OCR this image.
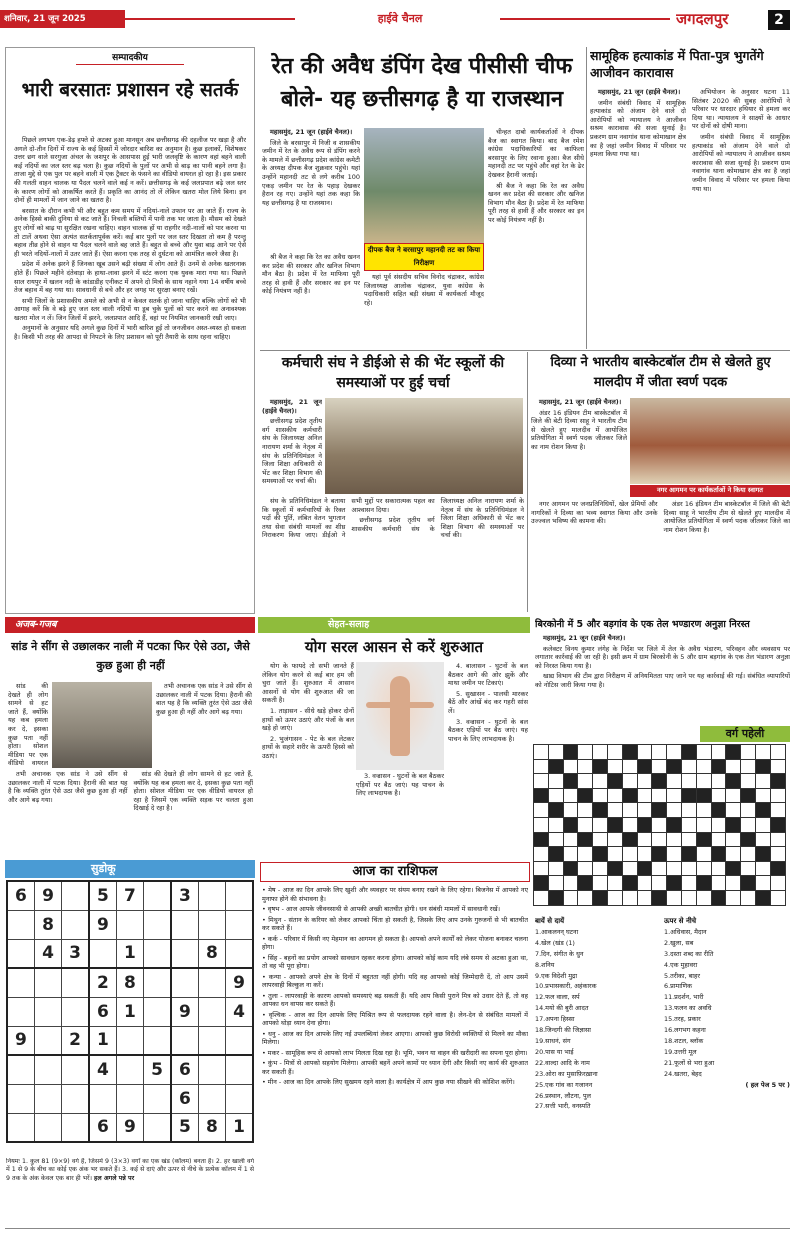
शनिवार, 21 जून 2025	हाईवे चैनल	जगदलपुर	2
सम्पादकीय
भारी बरसातः प्रशासन रहे सतर्क

पिछले लगभग एक-डेढ़ हफ्ते से अटका हुआ मानसून अब छत्तीसगढ़ की दहलीज पर खड़ा है और अगले दो-तीन दिनों में राज्य के कई हिस्सों में जोरदार बारिश का अनुमान है। कुछ इलाकों, विशेषकर उत्तर छग वाले सरगुजा अंचल के जशपुर के आसपास हुई भारी जलवृष्टि के कारण वहां बहने वाली कई नदियों का जल स्तर बढ़ चला है। कुछ नदियों के पुलों पर अभी से बाढ़ का पानी बहने लगा है। ताजा मुद्दे से एक पुल पर बहने वाली में एक ट्रैक्टर के फंसने का वीडियो वायरल हो रहा है। इस प्रकार की गलती वाहन चालक या पैदल चलने वाले कई न करें। छत्तीसगढ़ के कई जलप्रपात बढ़े जल स्तर के कारण लोगों को आकर्षित करते हैं। प्रकृति का आनंद तो लें लेकिन खतरा मोल लिये बिना। इन दोनों ही मामलों में जान जाने का खतरा है।

बरसात के दौरान कभी भी और बहुत कम समय में नदियां-नाले उफान पर आ जाते हैं। राज्य के अनेक हिस्से बाकी दुनिया से कट जाते हैं। निचली बस्तियों में पानी तक भर जाता है। मौसम को देखते हुए लोगों को बाढ़ या सुरक्षित रखना चाहिए। वाहन चालक हों या राहगीर नदी-नालों को पार करना या तो टालें अथवा ऐसा अत्यंत सतर्कतापूर्वक करें। कई बार पुलों पर जल स्तर दिखता तो कम है परन्तु बहाव तीव्र होने से वाहन या पैदल चलने वाले बह जाते हैं। बहुत से बच्चे और युवा बाढ़ आने पर ऐसे ही भरते नदियों-नालों में उतर जाते हैं। ऐसा करना एक तरह से दुर्घटना को आमंत्रित करने जैसा है।

प्रदेश में अनेक झरने हैं जिनका खूब उसने बढ़ी संख्या में लोग आते हैं। उनमें से अनेक खतरनाक होते हैं। पिछले महीने दंतेवाड़ा के हाथा-लावा झरने में स्टंट करना एक युवक मारा गया था। पिछले साल रायपुर में खलन नदी के कांडाडीह एनीकट में अपने दो मित्रों के साथ नहाने गया 14 वर्षीय बच्चे तेज बहाव में बह गया था। सावधानी से बचे और हर जगह पर सुरक्षा बनाए रखें।

सभी जिलों के प्रशासकीय अमले को अभी से न केवल सतर्क हो जाना चाहिए बल्कि लोगों को भी आगाह करें कि वे बढ़े हुए जल स्तर वाली नदियों या डूब चुके पुलों को पार करने का अनावश्यक खतरा मोल न लें। जिन जिलों में झरने, जलप्रपात आदि हैं, वहां पर नियमित जानकारी रखी जाए।

अनुमानों के अनुसार यदि अगले कुछ दिनों में भारी बारिश हुई तो जनजीवन अस्त-व्यस्त हो सकता है। किसी भी तरह की आपदा से निपटने के लिए प्रशासन को पूरी तैयारी के साथ रहना चाहिए।

रेत की अवैध डंपिंग देख पीसीसी चीफ बोले- यह छत्तीसगढ़ है या राजस्थान

महासमुंद, 21 जून (हाईवे चैनल)।

जिले के बरसापुर में निजी व शासकीय जमीन में रेत के अवैध रूप से डंपिंग करने के मामले में छत्तीसगढ़ प्रदेश कांग्रेस कमेटी के अध्यक्ष दीपक बैज शुक्रवार पहुंचे। यहां उन्होंने महानदी तट से लगे करीब 100 एकड़ जमीन पर रेत के पहाड़ देखकर हैरान रह गए। उन्होंने यहां तक कहा कि यह छत्तीसगढ़ है या राजस्थान।

दीपक बैज ने बरसापुर महानदी तट का किया निरीक्षण

श्री बैज ने कहा कि रेत का अवैध खनन कर प्रदेश की सरकार और खनिज विभाग मौन बैठा है। प्रदेश में रेत माफिया पूरी तरह से हावी हैं और सरकार का इन पर कोई नियंत्रण नहीं है।

यहां पूर्व संसदीय सचिव विनोद चंद्राकर, कांग्रेस जिलाध्यक्ष आलोक चंद्राकर, युवा कांग्रेस के पदाधिकारी सहित बड़ी संख्या में कार्यकर्ता मौजूद रहे।

चीन्हत दाबो कार्यकर्ताओं ने दीपक बैज का स्वागत किया। बाद बैज रमेश कांग्रेस पदाधिकारियों का काफिला बरसापुर के लिए रवाना हुआ। बैज सीधे महानदी तट पर पहुंचे और वहां रेत के ढेर देखकर हैरानी जताई।

श्री बैज ने कहा कि रेत का अवैध खनन कर प्रदेश की सरकार और खनिज विभाग मौन बैठा है। प्रदेश में रेत माफिया पूरी तरह से हावी हैं और सरकार का इन पर कोई नियंत्रण नहीं है।

सामूहिक हत्याकांड में पिता-पुत्र भुगतेंगे आजीवन कारावास

महासमुंद, 21 जून (हाईवे चैनल)।

जमीन संबंधी विवाद में सामूहिक हत्याकांड को अंजाम देने वाले दो आरोपियों को न्यायालय ने आजीवन सश्रम कारावास की सजा सुनाई है। प्रकरण ग्राम नवागांव थाना कोमाखान क्षेत्र का है जहां जमीन विवाद में परिवार पर हमला किया गया था।

अभियोजन के अनुसार घटना 11 सितंबर 2020 की सुबह आरोपियों ने परिवार पर धारदार हथियार से हमला कर दिया था। न्यायालय ने साक्ष्यों के आधार पर दोनों को दोषी माना।

जमीन संबंधी विवाद में सामूहिक हत्याकांड को अंजाम देने वाले दो आरोपियों को न्यायालय ने आजीवन सश्रम कारावास की सजा सुनाई है। प्रकरण ग्राम नवागांव थाना कोमाखान क्षेत्र का है जहां जमीन विवाद में परिवार पर हमला किया गया था।

कर्मचारी संघ ने डीईओ से की भेंट स्कूलों की समस्याओं पर हुई चर्चा

महासमुंद, 21 जून (हाईवे चैनल)।

छत्तीसगढ़ प्रदेश तृतीय वर्ग शासकीय कर्मचारी संघ के जिलाध्यक्ष अनिल नारायण शर्मा के नेतृत्व में संघ के प्रतिनिधिमंडल ने जिला शिक्षा अधिकारी से भेंट कर शिक्षा विभाग की समस्याओं पर चर्चा की।

संघ के प्रतिनिधिमंडल ने बताया कि स्कूलों में कर्मचारियों के रिक्त पदों की पूर्ति, लंबित वेतन भुगतान तथा सेवा संबंधी मामलों का शीघ्र निराकरण किया जाए। डीईओ ने सभी मुद्दों पर सकारात्मक पहल का आश्वासन दिया।

छत्तीसगढ़ प्रदेश तृतीय वर्ग शासकीय कर्मचारी संघ के जिलाध्यक्ष अनिल नारायण शर्मा के नेतृत्व में संघ के प्रतिनिधिमंडल ने जिला शिक्षा अधिकारी से भेंट कर शिक्षा विभाग की समस्याओं पर चर्चा की।

दिव्या ने भारतीय बास्केटबॉल टीम से खेलते हुए मालदीप में जीता स्वर्ण पदक

महासमुंद, 21 जून (हाईवे चैनल)।

अंडर 16 इंडियन टीम बास्केटबॉल में जिले की बेटी दिव्या साहू ने भारतीय टीम से खेलते हुए मालदीव में आयोजित प्रतियोगिता में स्वर्ण पदक जीतकर जिले का नाम रोशन किया है।

नगर आगमन पर कार्यकर्ताओं ने किया स्वागत

नगर आगमन पर जनप्रतिनिधियों, खेल प्रेमियों और नागरिकों ने दिव्या का भव्य स्वागत किया और उनके उज्ज्वल भविष्य की कामना की।

अंडर 16 इंडियन टीम बास्केटबॉल में जिले की बेटी दिव्या साहू ने भारतीय टीम से खेलते हुए मालदीव में आयोजित प्रतियोगिता में स्वर्ण पदक जीतकर जिले का नाम रोशन किया है।

अजब-गजब
सांड ने सींग से उछालकर नाली में पटका फिर ऐसे उठा, जैसे कुछ हुआ ही नहीं

सांड की देखते ही लोग सामने से हट जाते हैं, क्योंकि यह कब हमला कर दे, इसका कुछ पता नहीं होता। सोशल मीडिया पर एक वीडियो वायरल

तभी अचानक एक सांड ने उसे सींग से उछालकर नाली में पटक दिया। हैरानी की बात यह है कि व्यक्ति तुरंत ऐसे उठा जैसे कुछ हुआ ही नहीं और आगे बढ़ गया।

तभी अचानक एक सांड ने उसे सींग से उछालकर नाली में पटक दिया। हैरानी की बात यह है कि व्यक्ति तुरंत ऐसे उठा जैसे कुछ हुआ ही नहीं और आगे बढ़ गया।

सांड की देखते ही लोग सामने से हट जाते हैं, क्योंकि यह कब हमला कर दे, इसका कुछ पता नहीं होता। सोशल मीडिया पर एक वीडियो वायरल हो रहा है जिसमें एक व्यक्ति सड़क पर चलता हुआ दिखाई दे रहा है।

सेहत-सलाह
योग सरल आसन से करें शुरुआत

योग के फायदे तो सभी जानते हैं लेकिन योग करने से कई बार हम जी चुरा जाते हैं। शुरुआत में आसान आसनों से योग की शुरुआत की जा सकती है।

1. ताड़ासन - सीधे खड़े होकर दोनों हाथों को ऊपर उठाएं और पंजों के बल खड़े हो जाएं।

2. भुजंगासन - पेट के बल लेटकर हाथों के सहारे शरीर के ऊपरी हिस्से को उठाएं।

3. वज्रासन - घुटनों के बल बैठकर एड़ियों पर बैठ जाएं। यह पाचन के लिए लाभदायक है।

4. बालासन - घुटनों के बल बैठकर आगे की ओर झुकें और माथा जमीन पर टिकाएं।

5. सुखासन - पालथी मारकर बैठें और आंखें बंद कर गहरी सांस लें।

3. वज्रासन - घुटनों के बल बैठकर एड़ियों पर बैठ जाएं। यह पाचन के लिए लाभदायक है।

बिरकोनी में 5 और बड़गांव के एक तेल भण्डारण अनुज्ञा निरस्त

महासमुंद, 21 जून (हाईवे चैनल)।

कलेक्टर विनय कुमार लंगेह के निर्देश पर जिले में तेल के अवैध भंडारण, परिवहन और व्यवसाय पर लगातार कार्रवाई की जा रही है। इसी क्रम में ग्राम बिरकोनी के 5 और ग्राम बड़गांव के एक तेल भंडारण अनुज्ञा को निरस्त किया गया है।

खाद्य विभाग की टीम द्वारा निरीक्षण में अनियमितता पाए जाने पर यह कार्रवाई की गई। संबंधित व्यापारियों को नोटिस जारी किया गया है।

वर्ग पहेली

बायें से दायें
1.आकलनन् घटना
4.खेल (खंड (1)
7.दिन, संगीत के धुन
8.शनिय
9.एक विदेशी मुद्रा
10.प्रभासकारी, अहंकारक
12.फल वाला, सर्प
14.मयो की बुरी आदत
17.अपना हिस्सा
18.जिन्दगी की जिज्ञासा
19.साधनं, संग
20.पास या भाई
22.वाल्दा आदि के नाम
23.ओरा का मुसाफ़िरख़ाना
25.एक गांव का गजानन
26.प्रस्थान, लौटना, पुल
27.सत्ती भारी, वनस्पति
ऊपर से नीचे
1.अधिवास, मैदान
2.खुला, सब
3.दस्ता शब्द का रीति
4.एक मुहावरा
5.तरीका, बाहर
6.प्रामाणिक
11.प्रदर्शन, भारी
13.फलन का अवधि
15.तरह, प्रकार
16.लगभग कहना
18.शटल, ब्लॉक
19.उत्तरी मूल
21.फूलों से भरा हुआ
24.खतरा, बेहद
( हल पेज 5 पर )
सुडोकू
6	9		5	7		3		
	8		9					
	4	3		1			8	
			2	8				9
			6	1		9		4
9		2	1					
			4		5	6		
						6		
			6	9		5	8	1
नियमः 1. कुल 81 (9×9) वर्ग हैं, जिसमें 9 (3×3) वर्गों का एक खंड (कॉलम) बनता है। 2. हर खाली वर्ग में 1 से 9 के बीच का कोई एक अंक भर सकते हैं। 3. कई से दाएं और ऊपर से नीचे के प्रत्येक कॉलम में 1 से 9 तक के अंक केवल एक बार ही भरें। हल अगले पन्ने पर
आज का राशिफल
• मेष - आज का दिन आपके लिए खुशी और व्यवहार पर संयम बनाए रखने के लिए रहेगा। बिजनेस में आपको नए मुनाफा होने की संभावना है।
• वृषभ - आज आपके जीवनसाथी से आपकी अच्छी बातचीत होगी। धन संबंधी मामलों में सावधानी रखें।
• मिथुन - संतान के करियर को लेकर आपको चिंता हो सकती है, जिसके लिए आप उनके गुरुजनों से भी बातचीत कर सकते हैं।
• कर्क - परिवार में किसी नए मेहमान का आगमन हो सकता है। आपको अपने कार्यों को लेकर योजना बनाकर चलना होगा।
• सिंह - बहनों का प्रयोग आपको सावधान रहकर करना होगा। आपको कोई काम यदि लंबे समय से अटका हुआ था, तो वह भी पूरा होगा।
• कन्या - आपको अपने क्षेत्र के दिनों में बहुतता नहीं होगी। यदि वह आपको कोई जिम्मेदारी दें, तो आप उसमें लापरवाही बिल्कुल ना करें।
• तुला - लापरवाही के कारण आपको समस्याएं बढ़ सकती हैं। यदि आप किसी पुराने मित्र को उधार देते हैं, तो वह आपका धन वापस कर सकते हैं।
• वृश्चिक - आज का दिन आपके लिए मिश्रित रूप से फलदायक रहने वाला है। लेन-देन से संबंधित मामलों में आपको थोड़ा ध्यान देना होगा।
• धनु - आज का दिन आपके लिए नई उपलब्धियां लेकर आएगा। आपको कुछ विरोधी व्यक्तियों से मिलने का मौका मिलेगा।
• मकर - सामूहिक रूप से आपको लाभ मिलता दिख रहा है। भूमि, भवन या वाहन की खरीदारी का सपना पूरा होगा।
• कुंभ - मित्रों से आपको सहयोग मिलेगा। आपकी बहनें अपने कामों पर ध्यान देंगी और किसी नए कार्य की शुरुआत कर सकती हैं।
• मीन - आज का दिन आपके लिए सुखमय रहने वाला है। कार्यक्षेत्र में आप कुछ नया सीखने की कोशिश करेंगे।
